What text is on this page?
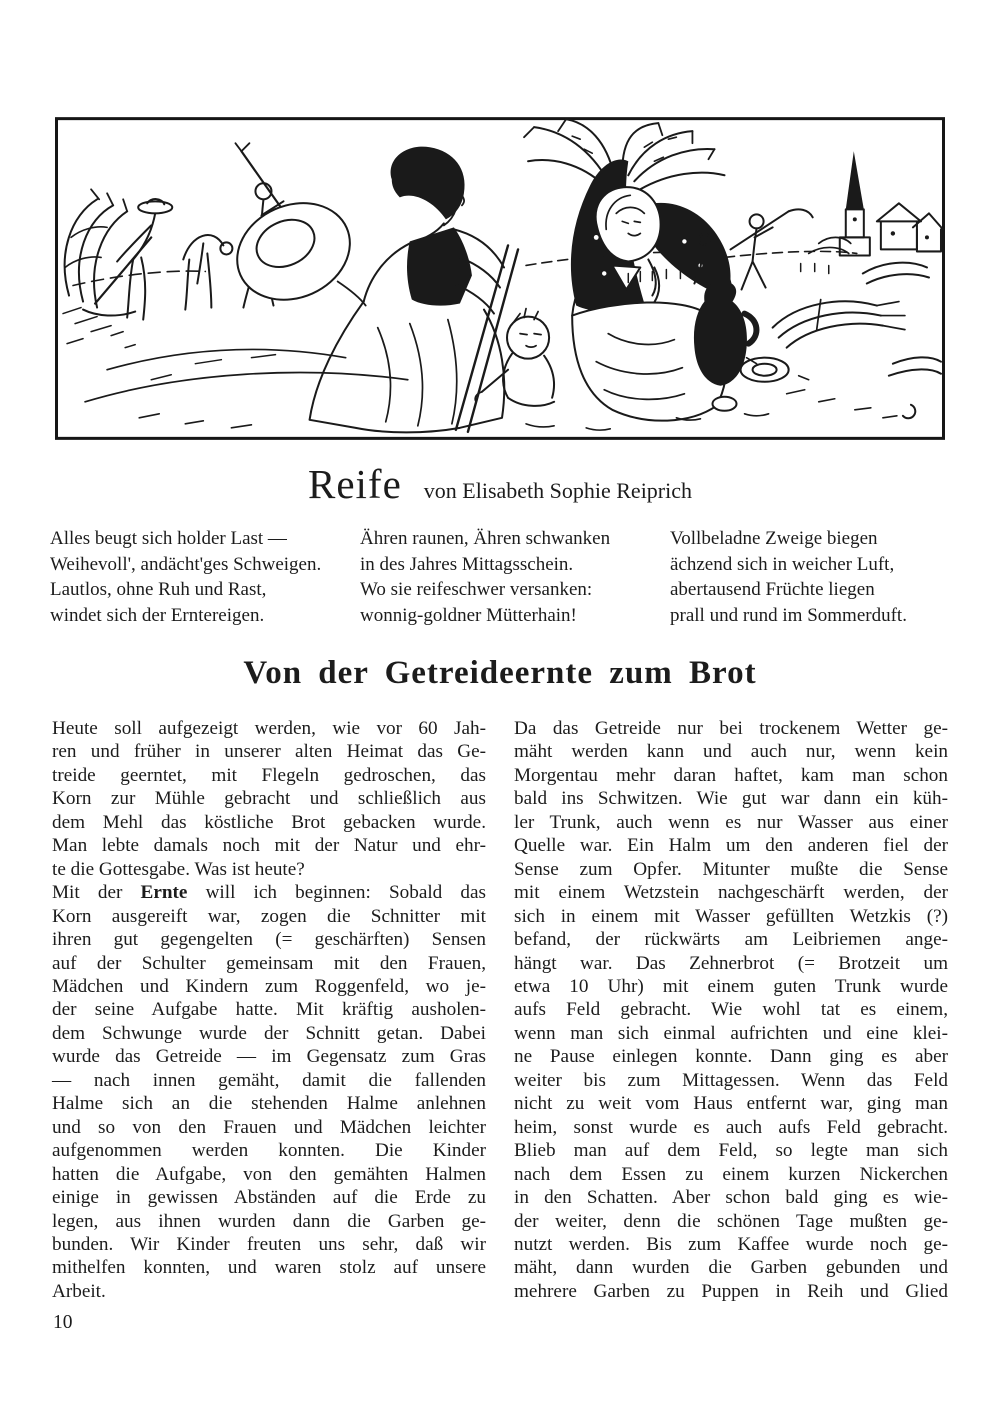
Reife von Elisabeth Sophie Reiprich
Alles beugt sich holder Last —
Weihevoll', andächt'ges Schweigen.
Lautlos, ohne Ruh und Rast,
windet sich der Erntereigen.
Ähren raunen, Ähren schwanken
in des Jahres Mittagsschein.
Wo sie reifeschwer versanken:
wonnig-goldner Mütterhain!
Vollbeladne Zweige biegen
ächzend sich in weicher Luft,
abertausend Früchte liegen
prall und rund im Sommerduft.
Von der Getreideernte zum Brot
Heute soll aufgezeigt werden, wie vor 60 Jah-
ren und früher in unserer alten Heimat das Ge-
treide geerntet, mit Flegeln gedroschen, das
Korn zur Mühle gebracht und schließlich aus
dem Mehl das köstliche Brot gebacken wurde.
Man lebte damals noch mit der Natur und ehr-
te die Gottesgabe. Was ist heute?
Mit der Ernte will ich beginnen: Sobald das
Korn ausgereift war, zogen die Schnitter mit
ihren gut gegengelten (= geschärften) Sensen
auf der Schulter gemeinsam mit den Frauen,
Mädchen und Kindern zum Roggenfeld, wo je-
der seine Aufgabe hatte. Mit kräftig ausholen-
dem Schwunge wurde der Schnitt getan. Dabei
wurde das Getreide — im Gegensatz zum Gras
— nach innen gemäht, damit die fallenden
Halme sich an die stehenden Halme anlehnen
und so von den Frauen und Mädchen leichter
aufgenommen werden konnten. Die Kinder
hatten die Aufgabe, von den gemähten Halmen
einige in gewissen Abständen auf die Erde zu
legen, aus ihnen wurden dann die Garben ge-
bunden. Wir Kinder freuten uns sehr, daß wir
mithelfen konnten, und waren stolz auf unsere
Arbeit.
Da das Getreide nur bei trockenem Wetter ge-
mäht werden kann und auch nur, wenn kein
Morgentau mehr daran haftet, kam man schon
bald ins Schwitzen. Wie gut war dann ein küh-
ler Trunk, auch wenn es nur Wasser aus einer
Quelle war. Ein Halm um den anderen fiel der
Sense zum Opfer. Mitunter mußte die Sense
mit einem Wetzstein nachgeschärft werden, der
sich in einem mit Wasser gefüllten Wetzkis (?)
befand, der rückwärts am Leibriemen ange-
hängt war. Das Zehnerbrot (= Brotzeit um
etwa 10 Uhr) mit einem guten Trunk wurde
aufs Feld gebracht. Wie wohl tat es einem,
wenn man sich einmal aufrichten und eine klei-
ne Pause einlegen konnte. Dann ging es aber
weiter bis zum Mittagessen. Wenn das Feld
nicht zu weit vom Haus entfernt war, ging man
heim, sonst wurde es auch aufs Feld gebracht.
Blieb man auf dem Feld, so legte man sich
nach dem Essen zu einem kurzen Nickerchen
in den Schatten. Aber schon bald ging es wie-
der weiter, denn die schönen Tage mußten ge-
nutzt werden. Bis zum Kaffee wurde noch ge-
mäht, dann wurden die Garben gebunden und
mehrere Garben zu Puppen in Reih und Glied
10
